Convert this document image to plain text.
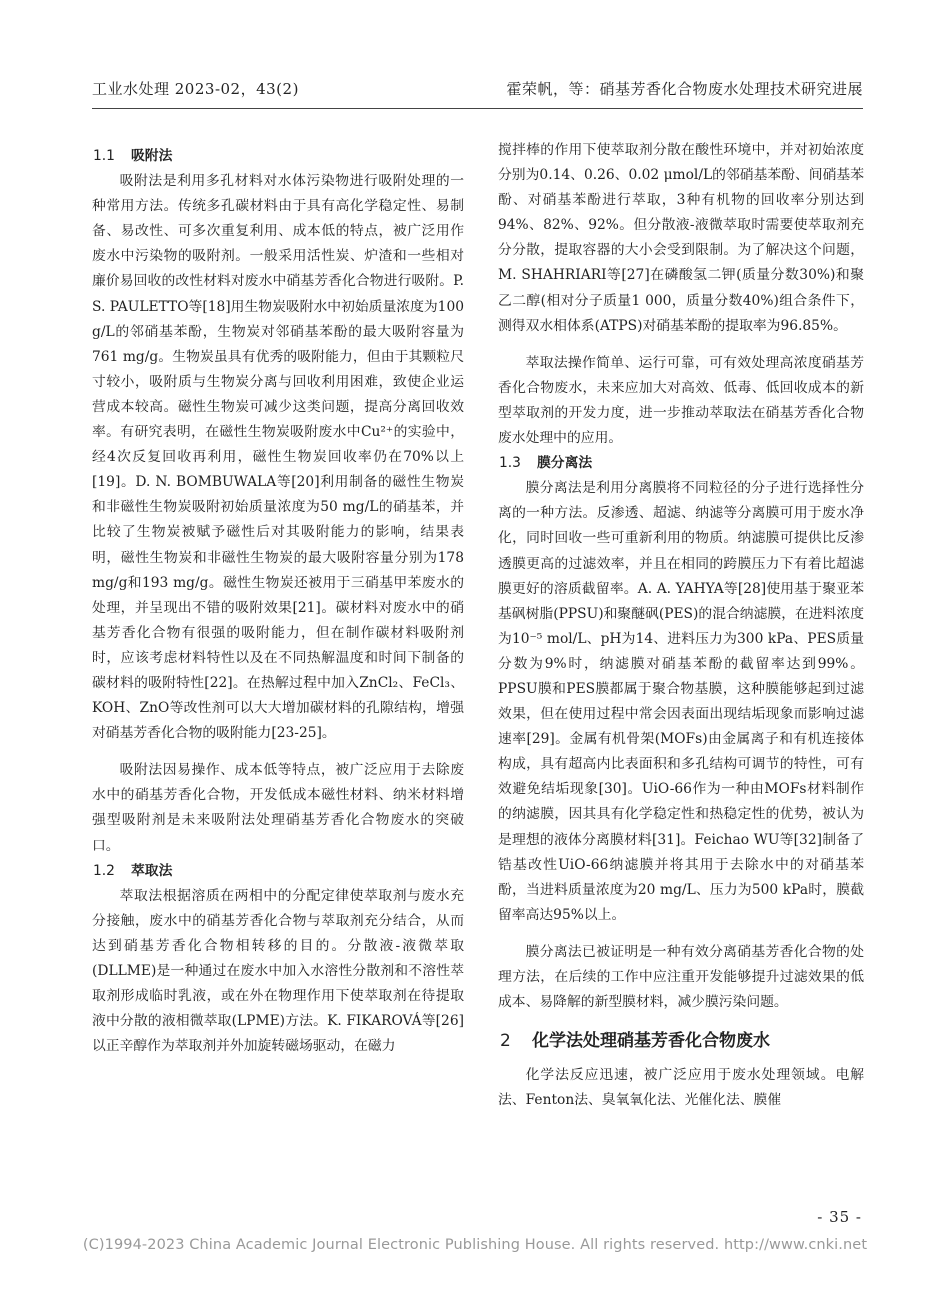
工业水处理 2023-02，43(2)	霍荣帆，等：硝基芳香化合物废水处理技术研究进展
1.1 吸附法
吸附法是利用多孔材料对水体污染物进行吸附处理的一种常用方法。传统多孔碳材料由于具有高化学稳定性、易制备、易改性、可多次重复利用、成本低的特点，被广泛用作废水中污染物的吸附剂。一般采用活性炭、炉渣和一些相对廉价易回收的改性材料对废水中硝基芳香化合物进行吸附。P. S. PAULETTO等[18]用生物炭吸附水中初始质量浓度为100 g/L的邻硝基苯酚，生物炭对邻硝基苯酚的最大吸附容量为761 mg/g。生物炭虽具有优秀的吸附能力，但由于其颗粒尺寸较小，吸附质与生物炭分离与回收利用困难，致使企业运营成本较高。磁性生物炭可减少这类问题，提高分离回收效率。有研究表明，在磁性生物炭吸附废水中Cu²⁺的实验中，经4次反复回收再利用，磁性生物炭回收率仍在70%以上[19]。D. N. BOMBUWALA等[20]利用制备的磁性生物炭和非磁性生物炭吸附初始质量浓度为50 mg/L的硝基苯，并比较了生物炭被赋予磁性后对其吸附能力的影响，结果表明，磁性生物炭和非磁性生物炭的最大吸附容量分别为178 mg/g和193 mg/g。磁性生物炭还被用于三硝基甲苯废水的处理，并呈现出不错的吸附效果[21]。碳材料对废水中的硝基芳香化合物有很强的吸附能力，但在制作碳材料吸附剂时，应该考虑材料特性以及在不同热解温度和时间下制备的碳材料的吸附特性[22]。在热解过程中加入ZnCl₂、FeCl₃、KOH、ZnO等改性剂可以大大增加碳材料的孔隙结构，增强对硝基芳香化合物的吸附能力[23-25]。
吸附法因易操作、成本低等特点，被广泛应用于去除废水中的硝基芳香化合物，开发低成本磁性材料、纳米材料增强型吸附剂是未来吸附法处理硝基芳香化合物废水的突破口。
1.2 萃取法
萃取法根据溶质在两相中的分配定律使萃取剂与废水充分接触，废水中的硝基芳香化合物与萃取剂充分结合，从而达到硝基芳香化合物相转移的目的。分散液-液微萃取(DLLME)是一种通过在废水中加入水溶性分散剂和不溶性萃取剂形成临时乳液，或在外在物理作用下使萃取剂在待提取液中分散的液相微萃取(LPME)方法。K. FIKAROVÁ等[26]以正辛醇作为萃取剂并外加旋转磁场驱动，在磁力
搅拌棒的作用下使萃取剂分散在酸性环境中，并对初始浓度分别为0.14、0.26、0.02 μmol/L的邻硝基苯酚、间硝基苯酚、对硝基苯酚进行萃取，3种有机物的回收率分别达到94%、82%、92%。但分散液-液微萃取时需要使萃取剂充分分散，提取容器的大小会受到限制。为了解决这个问题，M. SHAHRIARI等[27]在磷酸氢二钾(质量分数30%)和聚乙二醇(相对分子质量1 000，质量分数40%)组合条件下，测得双水相体系(ATPS)对硝基苯酚的提取率为96.85%。
萃取法操作简单、运行可靠，可有效处理高浓度硝基芳香化合物废水，未来应加大对高效、低毒、低回收成本的新型萃取剂的开发力度，进一步推动萃取法在硝基芳香化合物废水处理中的应用。
1.3 膜分离法
膜分离法是利用分离膜将不同粒径的分子进行选择性分离的一种方法。反渗透、超滤、纳滤等分离膜可用于废水净化，同时回收一些可重新利用的物质。纳滤膜可提供比反渗透膜更高的过滤效率，并且在相同的跨膜压力下有着比超滤膜更好的溶质截留率。A. A. YAHYA等[28]使用基于聚亚苯基砜树脂(PPSU)和聚醚砜(PES)的混合纳滤膜，在进料浓度为10⁻⁵ mol/L、pH为14、进料压力为300 kPa、PES质量分数为9%时，纳滤膜对硝基苯酚的截留率达到99%。PPSU膜和PES膜都属于聚合物基膜，这种膜能够起到过滤效果，但在使用过程中常会因表面出现结垢现象而影响过滤速率[29]。金属有机骨架(MOFs)由金属离子和有机连接体构成，具有超高内比表面积和多孔结构可调节的特性，可有效避免结垢现象[30]。UiO-66作为一种由MOFs材料制作的纳滤膜，因其具有化学稳定性和热稳定性的优势，被认为是理想的液体分离膜材料[31]。Feichao WU等[32]制备了锆基改性UiO-66纳滤膜并将其用于去除水中的对硝基苯酚，当进料质量浓度为20 mg/L、压力为500 kPa时，膜截留率高达95%以上。
膜分离法已被证明是一种有效分离硝基芳香化合物的处理方法，在后续的工作中应注重开发能够提升过滤效果的低成本、易降解的新型膜材料，减少膜污染问题。
2 化学法处理硝基芳香化合物废水
化学法反应迅速，被广泛应用于废水处理领域。电解法、Fenton法、臭氧氧化法、光催化法、膜催
- 35 -
(C)1994-2023 China Academic Journal Electronic Publishing House. All rights reserved. http://www.cnki.net
